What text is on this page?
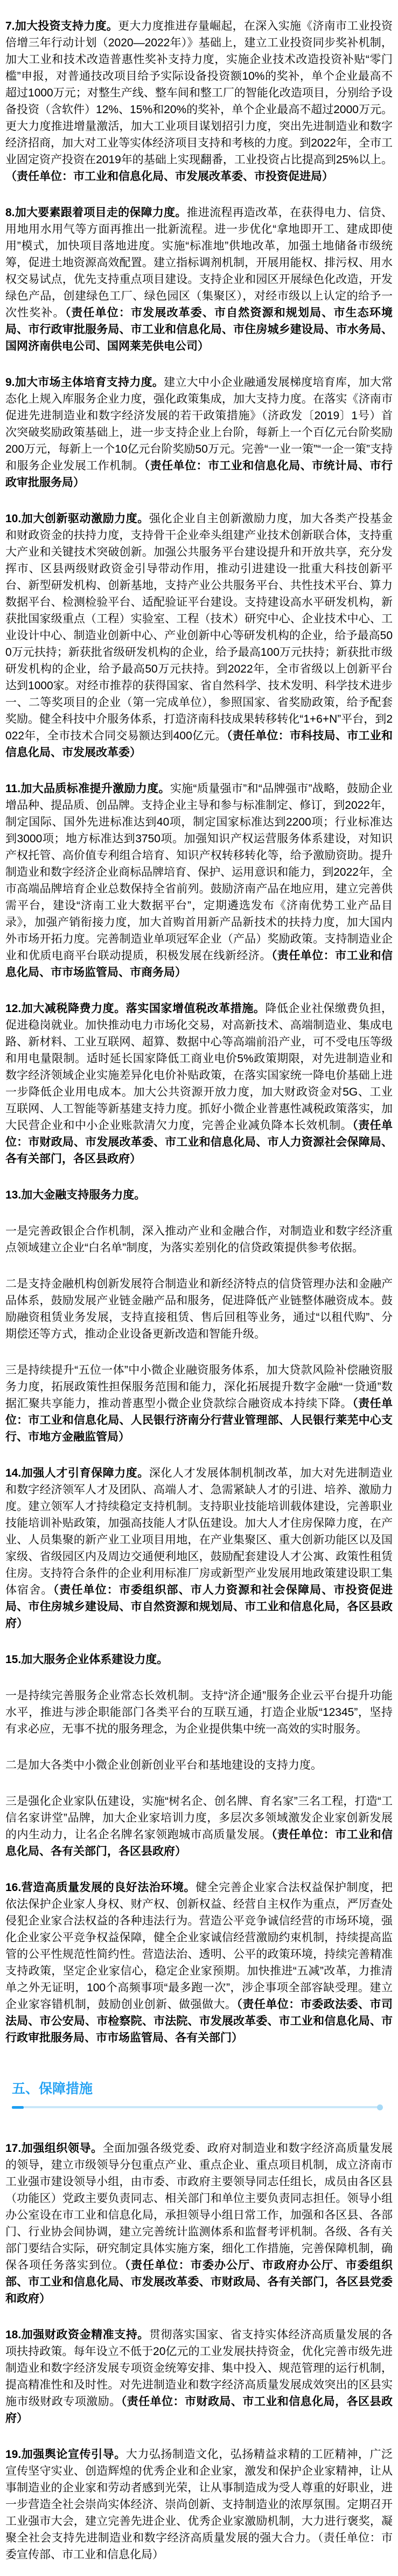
7.加大投资支持力度。更大力度推进存量崛起，在深入实施《济南市工业投资倍增三年行动计划（2020—2022年）》基础上，建立工业投资同步奖补机制，加大工业和技术改造普惠性奖补支持力度，实施企业技术改造投资补贴“零门槛”申报，对普通技改项目给予实际设备投资额10%的奖补，单个企业最高不超过1000万元；对整生产线、整车间和整工厂的智能化改造项目，分别给予设备投资（含软件）12%、15%和20%的奖补，单个企业最高不超过2000万元。更大力度推进增量激活，加大工业项目谋划招引力度，突出先进制造业和数字经济招商，加大对工业等实体经济项目支持和考核的力度。到2022年，全市工业固定资产投资在2019年的基础上实现翻番，工业投资占比提高到25%以上。（责任单位：市工业和信息化局、市发展改革委、市投资促进局）

8.加大要素跟着项目走的保障力度。推进流程再造改革，在获得电力、信贷、用地用水用气等方面再推出一批新流程。进一步优化“拿地即开工、建成即使用”模式，加快项目落地进度。实施“标准地”供地改革，加强土地储备市级统筹，促进土地资源高效配置。建立指标调剂机制，开展用能权、排污权、用水权交易试点，优先支持重点项目建设。支持企业和园区开展绿色化改造，开发绿色产品，创建绿色工厂、绿色园区（集聚区），对经市级以上认定的给予一次性奖补。（责任单位：市发展改革委、市自然资源和规划局、市生态环境局、市行政审批服务局、市工业和信息化局、市住房城乡建设局、市水务局、国网济南供电公司、国网莱芜供电公司）

9.加大市场主体培育支持力度。建立大中小企业融通发展梯度培育库，加大常态化上规入库服务企业力度，强化政策集成，加大支持力度。在落实《济南市促进先进制造业和数字经济发展的若干政策措施》（济政发〔2019〕1号）首次突破奖励政策基础上，进一步支持企业上台阶，每新上一个百亿元台阶奖励200万元，每新上一个10亿元台阶奖励50万元。完善“一业一策”“一企一策”支持和服务企业发展工作机制。（责任单位：市工业和信息化局、市统计局、市行政审批服务局）

10.加大创新驱动激励力度。强化企业自主创新激励力度，加大各类产投基金和财政资金的扶持力度，支持骨干企业牵头组建产业技术创新联合体，支持重大产业和关键技术突破创新。加强公共服务平台建设提升和开放共享，充分发挥市、区县两级财政资金引导带动作用，推动引进建设一批重大科技创新平台、新型研发机构、创新基地，支持产业公共服务平台、共性技术平台、算力数据平台、检测检验平台、适配验证平台建设。支持建设高水平研发机构，新获批国家级重点（工程）实验室、工程（技术）研究中心、企业技术中心、工业设计中心、制造业创新中心、产业创新中心等研发机构的企业，给予最高500万元扶持；新获批省级研发机构的企业，给予最高100万元扶持；新获批市级研发机构的企业，给予最高50万元扶持。到2022年，全市省级以上创新平台达到1000家。对经市推荐的获得国家、省自然科学、技术发明、科学技术进步一、二等奖项目的企业（第一完成单位），参照国家、省奖励政策，给予配套奖励。健全科技中介服务体系，打造济南科技成果转移转化“1+6+N”平台，到2022年，全市技术合同交易额达到400亿元。（责任单位：市科技局、市工业和信息化局、市发展改革委）

11.加大品质标准提升激励力度。实施“质量强市”和“品牌强市”战略，鼓励企业增品种、提品质、创品牌。支持企业主导和参与标准制定、修订，到2022年，制定国际、国外先进标准达到40项，制定国家标准达到2200项；行业标准达到3000项；地方标准达到3750项。加强知识产权运营服务体系建设，对知识产权托管、高价值专利组合培育、知识产权转移转化等，给予激励资助。提升制造业和数字经济企业商标品牌培育、保护、运用意识和能力，到2022年，全市高端品牌培育企业总数保持全省前列。鼓励济南产品在地应用，建立完善供需平台，建设“济南工业大数据平台”，定期遴选发布《济南优势工业产品目录》，加强产销衔接力度，加大首购首用新产品新技术的扶持力度，加大国内外市场开拓力度。完善制造业单项冠军企业（产品）奖励政策。支持制造业企业和优质电商平台联动提质，积极发展在线新经济。（责任单位：市工业和信息化局、市市场监管局、市商务局）

12.加大减税降费力度。落实国家增值税改革措施。降低企业社保缴费负担，促进稳岗就业。加快推动电力市场化交易，对高新技术、高端制造业、集成电路、新材料、工业互联网、超算、数据中心等高端前沿产业，可不受电压等级和用电量限制。适时延长国家降低工商业电价5%政策期限，对先进制造业和数字经济领域企业实施差异化电价补贴政策，在落实国家统一降电价基础上进一步降低企业用电成本。加大公共资源开放力度，加大财政资金对5G、工业互联网、人工智能等新基建支持力度。抓好小微企业普惠性减税政策落实，加大民营企业和中小企业账款清欠力度，完善企业减负降本长效机制。（责任单位：市财政局、市发展改革委、市工业和信息化局、市人力资源社会保障局、各有关部门，各区县政府）

13.加大金融支持服务力度。

一是完善政银企合作机制，深入推动产业和金融合作，对制造业和数字经济重点领域建立企业“白名单”制度，为落实差别化的信贷政策提供参考依据。

二是支持金融机构创新发展符合制造业和新经济特点的信贷管理办法和金融产品体系，鼓励发展产业链金融产品和服务，促进降低产业链整体融资成本。鼓励融资租赁业务发展，支持直接租赁、售后回租等业务，通过“以租代购”、分期偿还等方式，推动企业设备更新改造和智能升级。

三是持续提升“五位一体”中小微企业融资服务体系，加大贷款风险补偿融资服务力度，拓展政策性担保服务范围和能力，深化拓展提升数字金融“一贷通”数据汇聚共享能力，推动普惠型小微企业贷款综合融资成本持续下降。（责任单位：市工业和信息化局、人民银行济南分行营业管理部、人民银行莱芜中心支行、市地方金融监管局）

14.加强人才引育保障力度。深化人才发展体制机制改革，加大对先进制造业和数字经济领军人才及团队、高端人才、急需紧缺人才的引进、培养、激励力度。建立领军人才持续稳定支持机制。支持职业技能培训载体建设，完善职业技能培训补贴政策，加强高技能人才队伍建设。加大人才住房保障力度，在产业、人员集聚的新产业工业项目用地，在产业集聚区、重大创新功能区以及国家级、省级园区内及周边交通便利地区，鼓励配套建设人才公寓、政策性租赁住房。支持符合条件的企业利用标准厂房或新型产业发展用地政策建设职工集体宿舍。（责任单位：市委组织部、市人力资源和社会保障局、市投资促进局、市住房城乡建设局、市自然资源和规划局、市工业和信息化局，各区县政府）

15.加大服务企业体系建设力度。

一是持续完善服务企业常态长效机制。支持“济企通”服务企业云平台提升功能水平，推进与涉企职能部门各类平台的互联互通，打造企业版“12345”，坚持有求必应，无事不扰的服务理念，为企业提供集中统一高效的实时服务。

二是加大各类中小微企业创新创业平台和基地建设的支持力度。

三是强化企业家队伍建设，实施“树名企、创名牌、育名家”三名工程，打造“工信名家讲堂”品牌，加大企业家培训力度，多层次多领域激发企业家创新发展的内生动力，让名企名牌名家领跑城市高质量发展。（责任单位：市工业和信息化局、各有关部门，各区县政府）

16.营造高质量发展的良好法治环境。健全完善企业家合法权益保护制度，把依法保护企业家人身权、财产权、创新权益、经营自主权作为重点，严厉查处侵犯企业家合法权益的各种违法行为。营造公平竞争诚信经营的市场环境，强化企业家公平竞争权益保障，健全企业家诚信经营激励约束机制，持续提高监管的公平性规范性简约性。营造法治、透明、公平的政策环境，持续完善精准支持政策，坚定企业家信心，稳定企业家预期。加快推进“五减”改革，力推清单之外无证明，100个高频事项“最多跑一次”，涉企事项全部容缺受理。建立企业家容错机制，鼓励创业创新、做强做大。（责任单位：市委政法委、市司法局、市公安局、市检察院、市法院、市发展改革委、市工业和信息化局、市行政审批服务局、市市场监管局、各有关部门）

五、保障措施

17.加强组织领导。全面加强各级党委、政府对制造业和数字经济高质量发展的领导，建立市级领导分包重点产业、重点企业、重点项目机制，成立济南市工业强市建设领导小组，由市委、市政府主要领导同志任组长，成员由各区县（功能区）党政主要负责同志、相关部门和单位主要负责同志担任。领导小组办公室设在市工业和信息化局，承担领导小组日常工作，加强和各区县、各部门、行业协会间协调，建立完善统计监测体系和监督考评机制。各级、各有关部门要结合实际，研究制定具体实施方案，细化工作措施，完善保障机制，确保各项任务落实到位。（责任单位：市委办公厅、市政府办公厅、市委组织部、市工业和信息化局、市发展改革委、市财政局、各有关部门，各区县党委和政府）

18.加强财政资金精准支持。贯彻落实国家、省支持实体经济高质量发展的各项扶持政策。每年设立不低于20亿元的工业发展扶持资金，优化完善市级先进制造业和数字经济发展专项资金统筹安排、集中投入、规范管理的运行机制，提高精准性和及时性。对先进制造业和数字经济高质量发展成效突出的区县实施市级财政专项激励。（责任单位：市财政局、市工业和信息化局，各区县政府）

19.加强舆论宣传引导。大力弘扬制造文化，弘扬精益求精的工匠精神，广泛宣传坚守实业、创造辉煌的优秀企业和企业家，激发和保护企业家精神，让从事制造业的企业家和劳动者感到光荣，让从事制造成为受人尊重的好职业，进一步营造全社会崇尚实体经济、崇尚创新、支持制造业的浓厚氛围。定期召开工业强市大会，建立完善先进企业、优秀企业家激励机制，大力进行褒奖，凝聚全社会支持先进制造业和数字经济高质量发展的强大合力。（责任单位：市委宣传部、市工业和信息化局）
